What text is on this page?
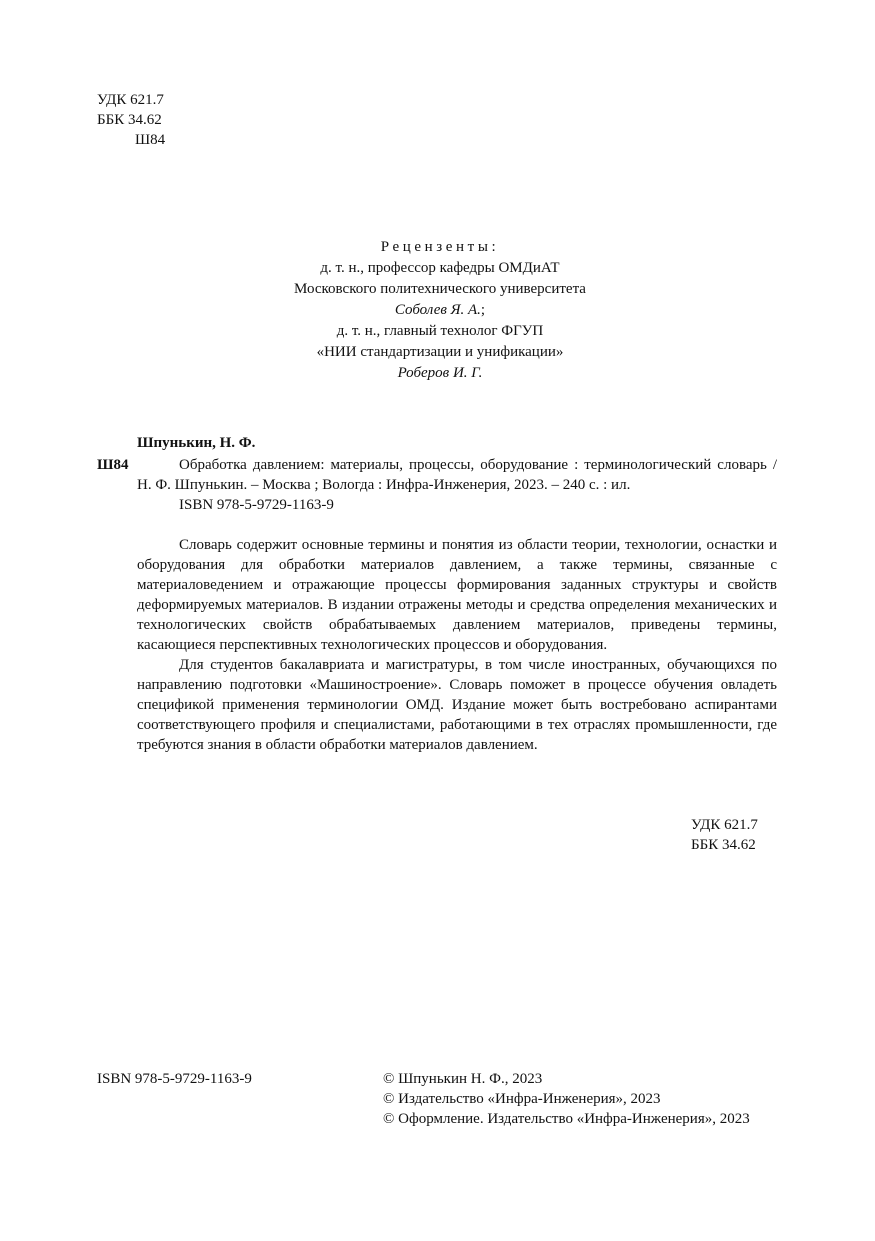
УДК 621.7
ББК 34.62
Ш84
Рецензенты:
д. т. н., профессор кафедры ОМДиАТ
Московского политехнического университета
Соболев Я. А.;
д. т. н., главный технолог ФГУП
«НИИ стандартизации и унификации»
Роберов И. Г.
Шпунькин, Н. Ф.
Ш84	Обработка давлением: материалы, процессы, оборудование : терминологический словарь / Н. Ф. Шпунькин. – Москва ; Вологда : Инфра-Инженерия, 2023. – 240 с. : ил.

ISBN 978-5-9729-1163-9

Словарь содержит основные термины и понятия из области теории, технологии, оснастки и оборудования для обработки материалов давлением, а также термины, связанные с материаловедением и отражающие процессы формирования заданных структуры и свойств деформируемых материалов. В издании отражены методы и средства определения механических и технологических свойств обрабатываемых давлением материалов, приведены термины, касающиеся перспективных технологических процессов и оборудования.

Для студентов бакалавриата и магистратуры, в том числе иностранных, обучающихся по направлению подготовки «Машиностроение». Словарь поможет в процессе обучения овладеть спецификой применения терминологии ОМД. Издание может быть востребовано аспирантами соответствующего профиля и специалистами, работающими в тех отраслях промышленности, где требуются знания в области обработки материалов давлением.

УДК 621.7
ББК 34.62
ISBN 978-5-9729-1163-9	© Шпунькин Н. Ф., 2023
© Издательство «Инфра-Инженерия», 2023
© Оформление. Издательство «Инфра-Инженерия», 2023
